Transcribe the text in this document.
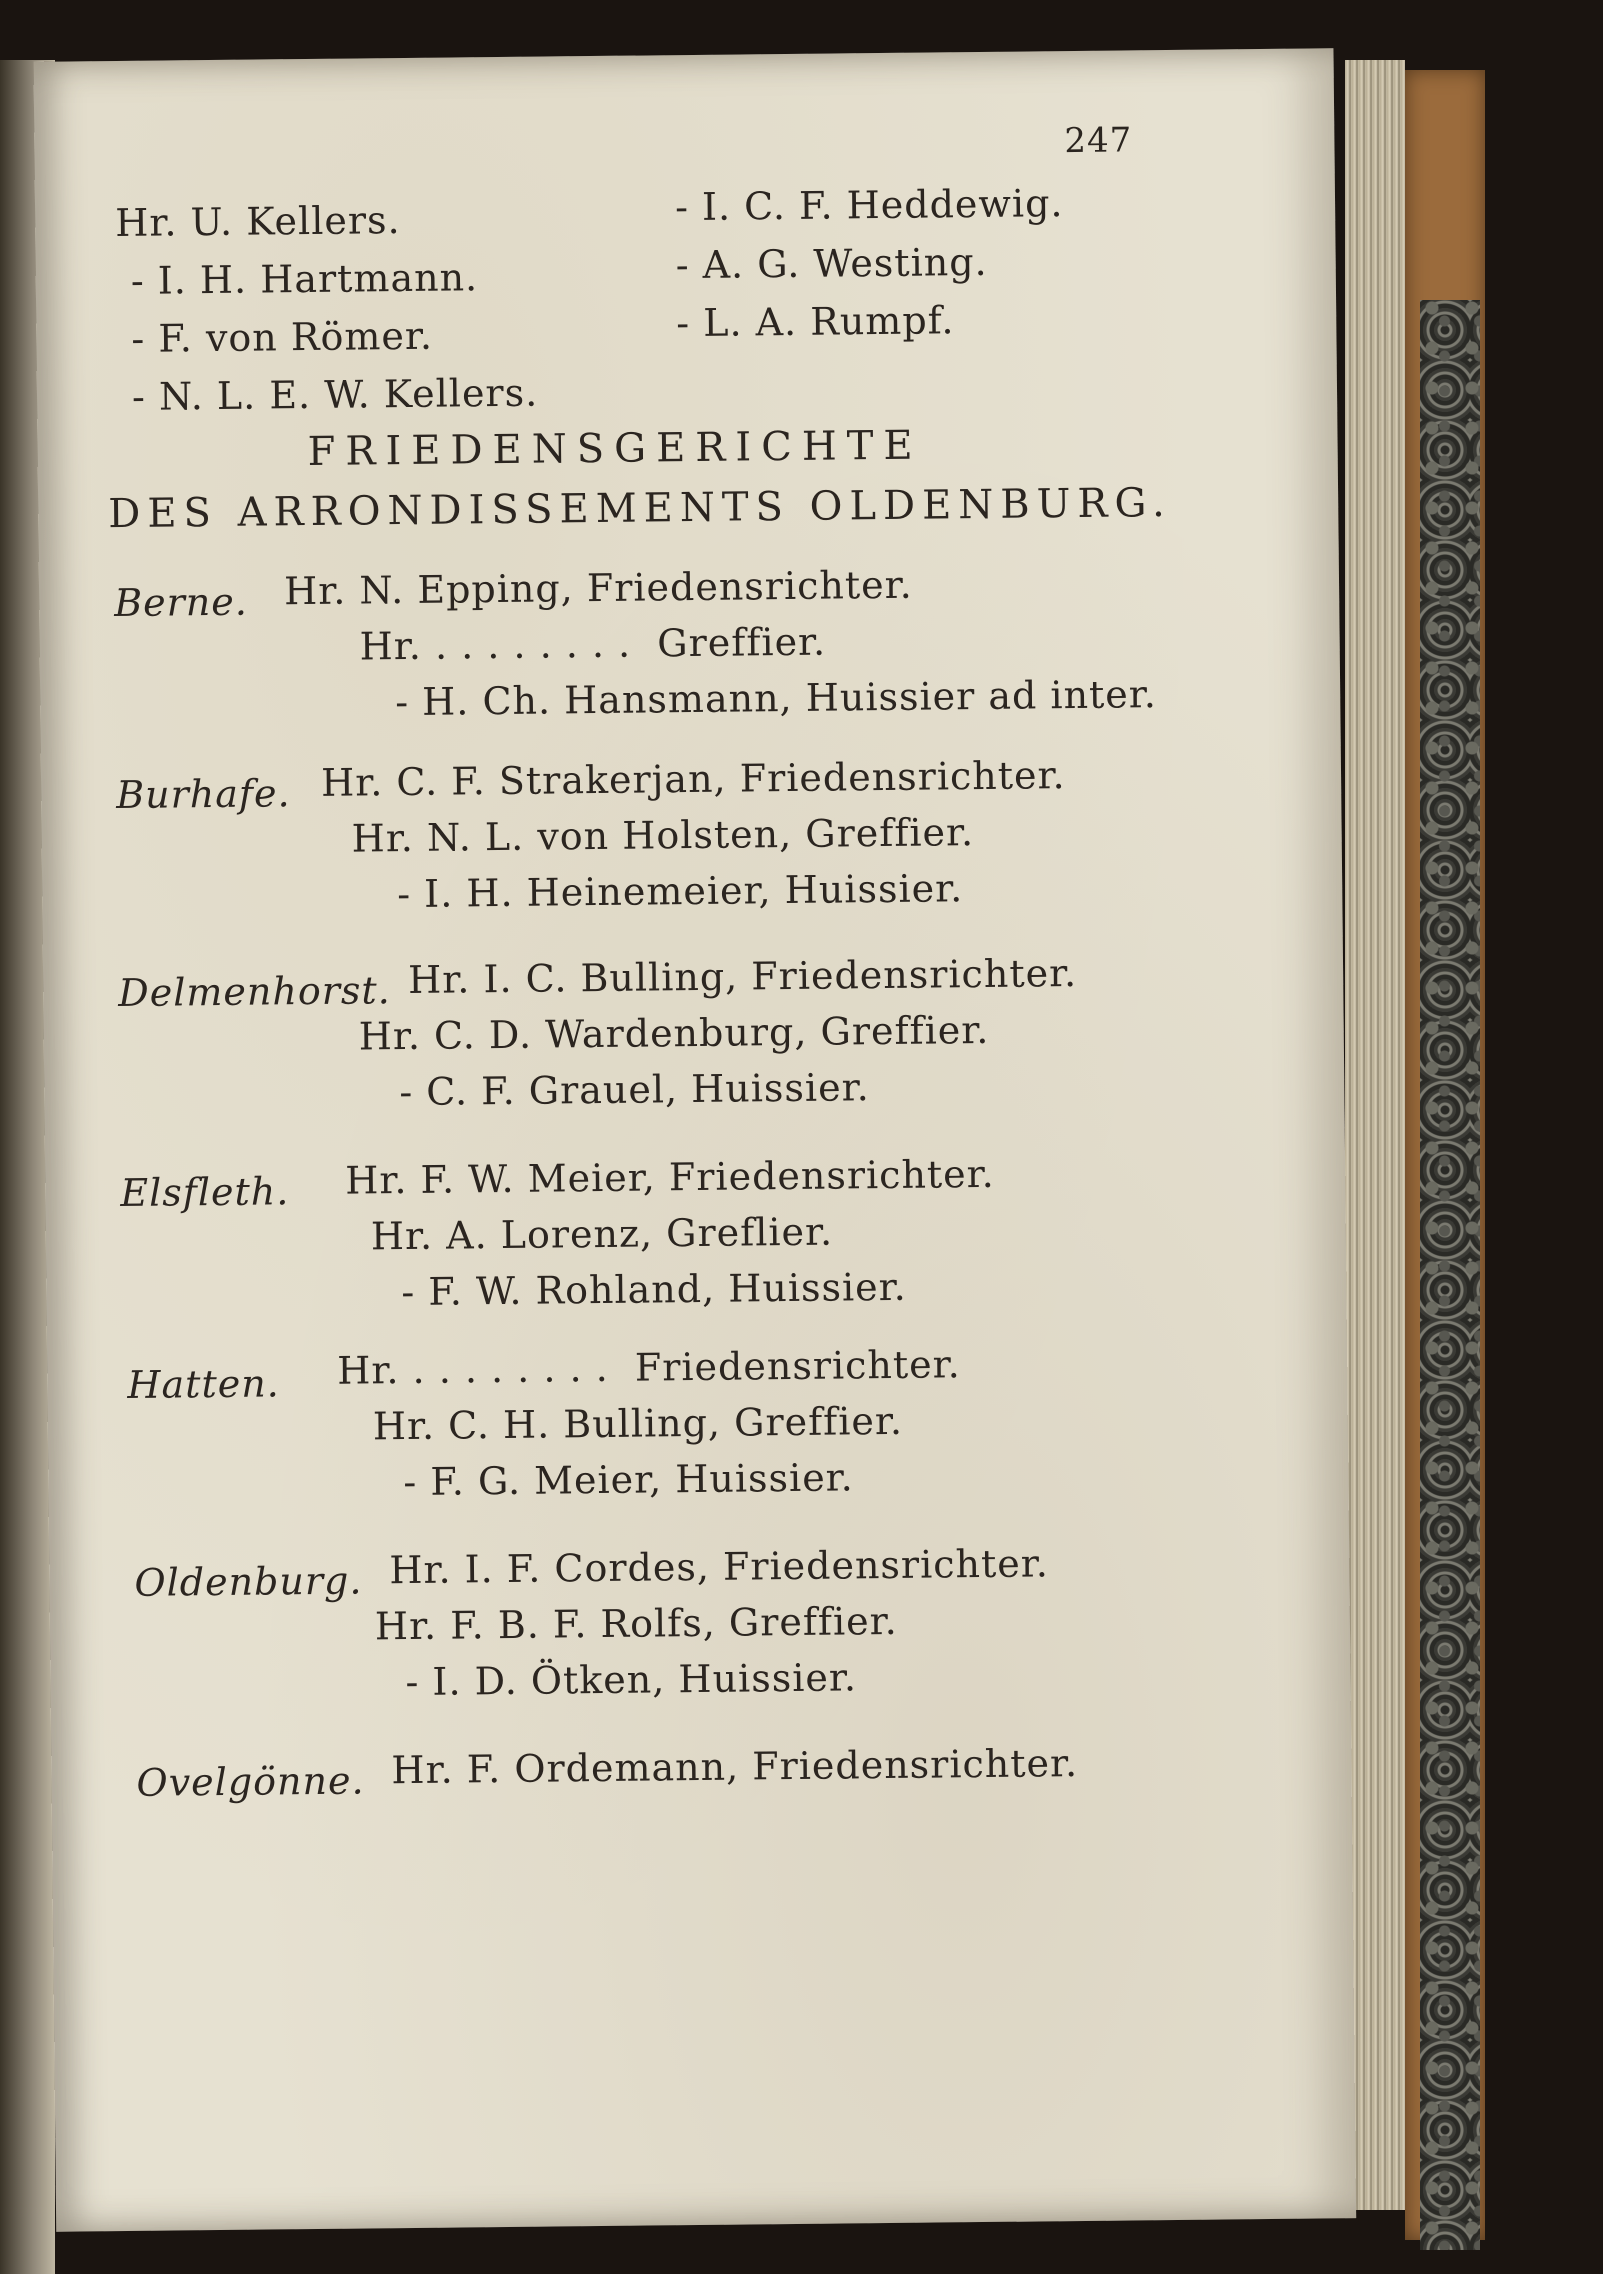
247
Hr. U. Kellers.
- I. H. Hartmann.
- F. von Römer.
- N. L. E. W. Kellers.
- I. C. F. Heddewig.
- A. G. Westing.
- L. A. Rumpf.
FRIEDENSGERICHTE
DES ARRONDISSEMENTS OLDENBURG.
Berne. Hr. N. Epping, Friedensrichter.
Hr. . . . . . . . .  Greffier.
- H. Ch. Hansmann, Huissier ad inter.
Burhafe. Hr. C. F. Strakerjan, Friedensrichter.
Hr. N. L. von Holsten, Greffier.
- I. H. Heinemeier, Huissier.
Delmenhorst. Hr. I. C. Bulling, Friedensrichter.
Hr. C. D. Wardenburg, Greffier.
- C. F. Grauel, Huissier.
Elsfleth. Hr. F. W. Meier, Friedensrichter.
Hr. A. Lorenz, Greflier.
- F. W. Rohland, Huissier.
Hatten. Hr. . . . . . . . .  Friedensrichter.
Hr. C. H. Bulling, Greffier.
- F. G. Meier, Huissier.
Oldenburg. Hr. I. F. Cordes, Friedensrichter.
Hr. F. B. F. Rolfs, Greffier.
- I. D. Ötken, Huissier.
Ovelgönne. Hr. F. Ordemann, Friedensrichter.
